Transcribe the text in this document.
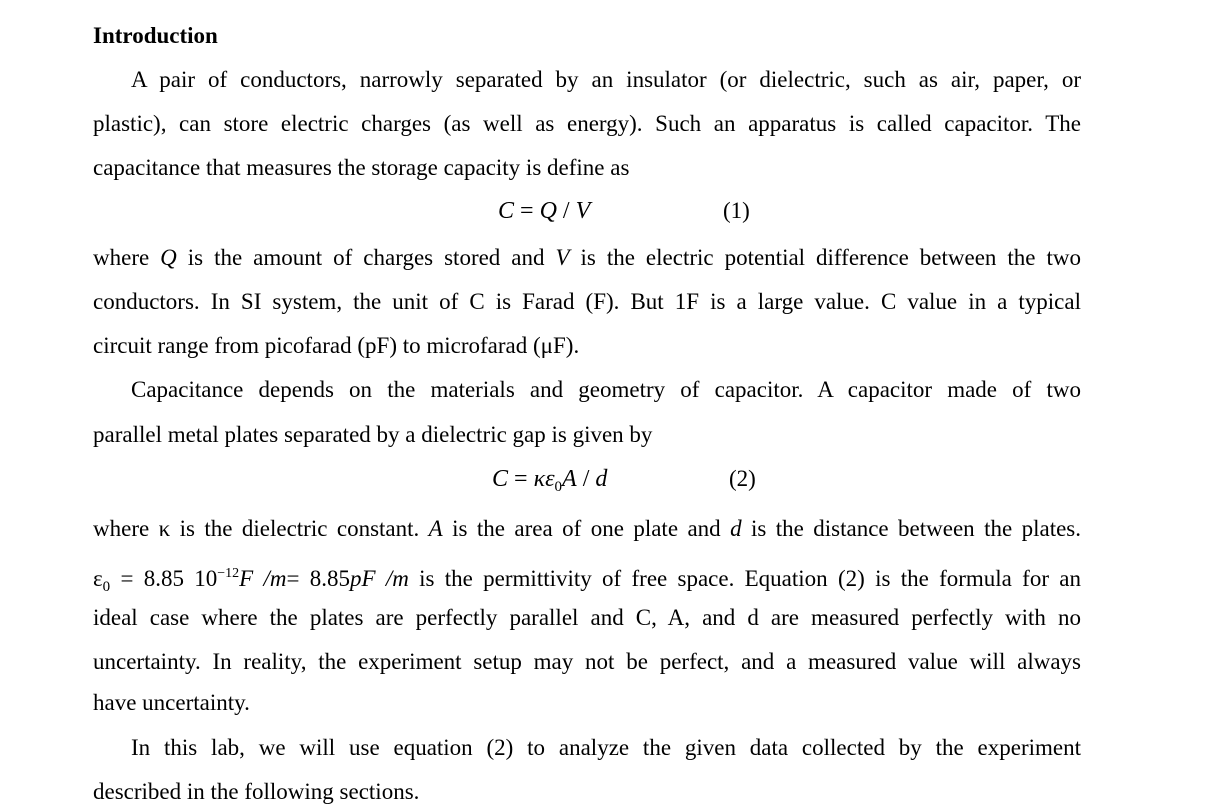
Introduction
A pair of conductors, narrowly separated by an insulator (or dielectric, such as air, paper, or
plastic), can store electric charges (as well as energy). Such an apparatus is called capacitor. The
capacitance that measures the storage capacity is define as
C = Q / V	(1)
where Q is the amount of charges stored and V is the electric potential difference between the two
conductors. In SI system, the unit of C is Farad (F). But 1F is a large value. C value in a typical
circuit range from picofarad (pF) to microfarad (μF).
Capacitance depends on the materials and geometry of capacitor. A capacitor made of two
parallel metal plates separated by a dielectric gap is given by
$C = \kappa\varepsilon_0A / d$	(2)
where κ is the dielectric constant. A is the area of one plate and d is the distance between the plates.
$\varepsilon_0 = 8.85$ $10^{-12}F$ /m= 8.85pF /m is the permittivity of free space. Equation (2) is the formula for an
ideal case where the plates are perfectly parallel and C, A, and d are measured perfectly with no
uncertainty. In reality, the experiment setup may not be perfect, and a measured value will always
have uncertainty.
In this lab, we will use equation (2) to analyze the given data collected by the experiment
described in the following sections.
